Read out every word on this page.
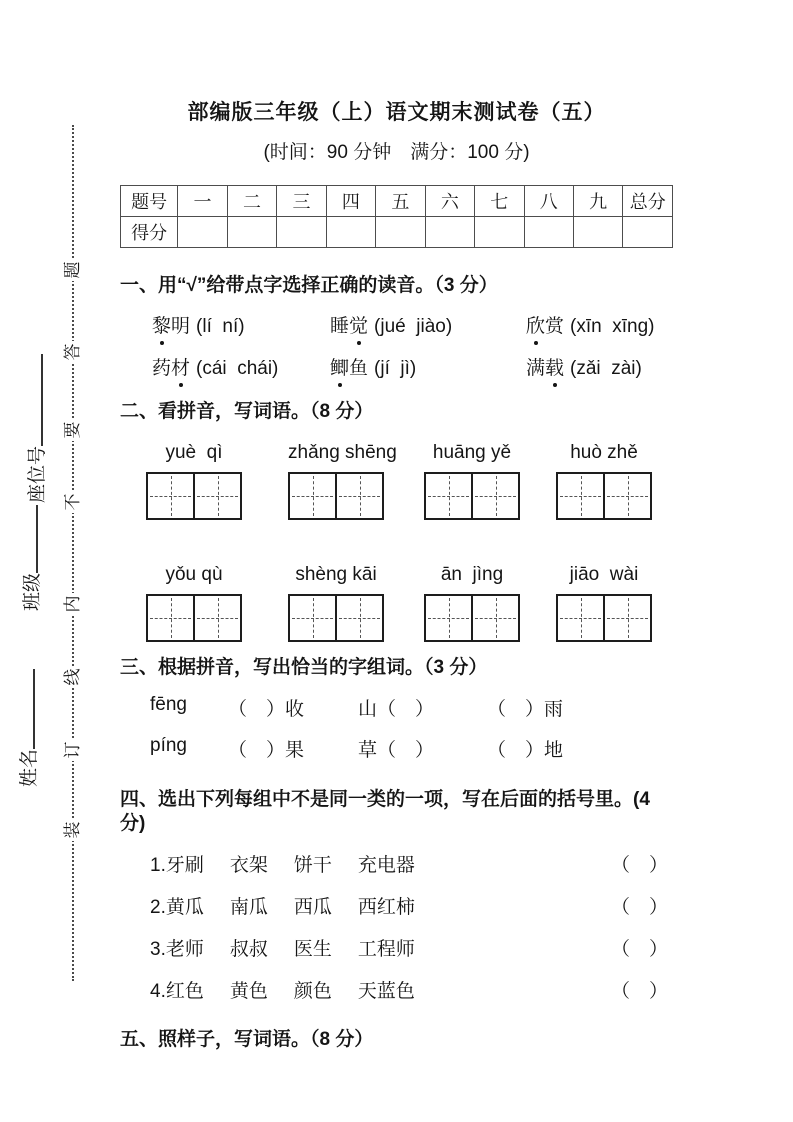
题
答
要
不
内
线
订
装
座位号
班级
姓名
部编版三年级（上）语文期末测试卷（五）
(时间：90 分钟　满分：100 分)
题号	一	二	三	四	五	六	七	八	九	总分
得分										
一、用“√”给带点字选择正确的读音。（3 分）
黎明 (lí  ní)	睡觉 (jué  jiào)	欣赏 (xīn  xīng)
药材 (cái  chái)	鲫鱼 (jí  jì)	满载 (zǎi  zài)
二、看拼音，写词语。（8 分）
yuè  qì	zhǎng shēng	huāng yě	huò zhě
yǒu qù	shèng kāi	ān  jìng	jiāo  wài
三、根据拼音，写出恰当的字组词。（3 分）
fēng （　）收	山（　）	（　）雨
píng （　）果	草（　）	（　）地
四、选出下列每组中不是同一类的一项，写在后面的括号里。(4 分)
1.牙刷 衣架 饼干 充电器	（　）
2.黄瓜 南瓜 西瓜 西红柿	（　）
3.老师 叔叔 医生 工程师	（　）
4.红色 黄色 颜色 天蓝色	（　）
五、照样子，写词语。（8 分）
